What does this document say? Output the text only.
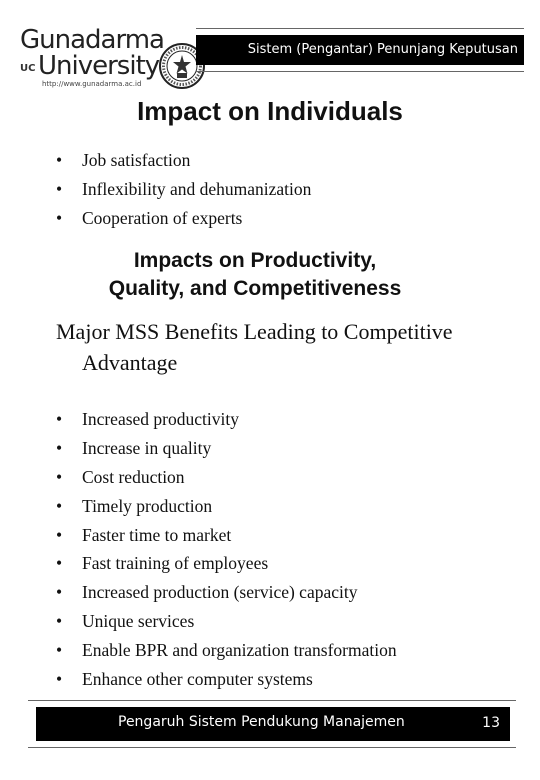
Gunadarma
UC University
http://www.gunadarma.ac.id
Sistem (Pengantar) Penunjang Keputusan
Impact on Individuals
• Job satisfaction
• Inflexibility and dehumanization
• Cooperation of experts
Impacts on Productivity,
Quality, and Competitiveness
Major MSS Benefits Leading to Competitive Advantage
• Increased productivity
• Increase in quality
• Cost reduction
• Timely production
• Faster time to market
• Fast training of employees
• Increased production (service) capacity
• Unique services
• Enable BPR and organization transformation
• Enhance other computer systems
Pengaruh Sistem Pendukung Manajemen	13
